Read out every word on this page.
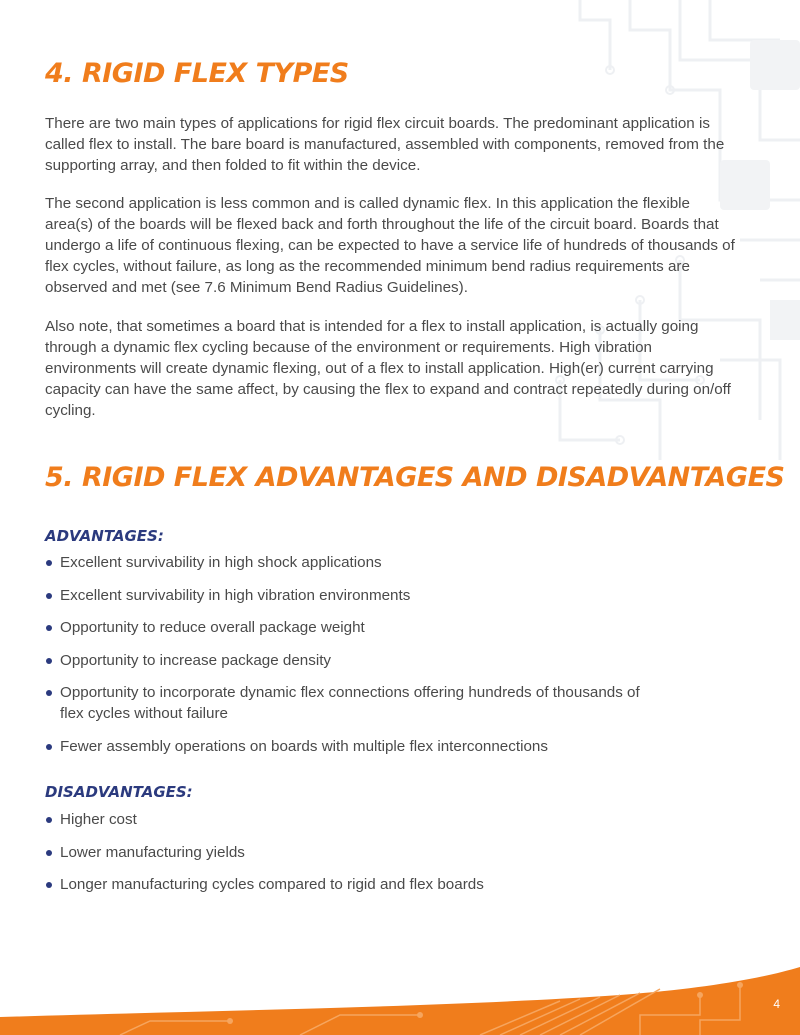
4. RIGID FLEX TYPES

There are two main types of applications for rigid flex circuit boards. The predominant application is called flex to install. The bare board is manufactured, assembled with components, removed from the supporting array, and then folded to fit within the device.

The second application is less common and is called dynamic flex. In this application the flexible area(s) of the boards will be flexed back and forth throughout the life of the circuit board. Boards that undergo a life of continuous flexing, can be expected to have a service life of hundreds of thousands of flex cycles, without failure, as long as the recommended minimum bend radius requirements are observed and met (see 7.6 Minimum Bend Radius Guidelines).

Also note, that sometimes a board that is intended for a flex to install application, is actually going through a dynamic flex cycling because of the environment or requirements. High vibration environments will create dynamic flexing, out of a flex to install application. High(er) current carrying capacity can have the same affect, by causing the flex to expand and contract repeatedly during on/off cycling.

5. RIGID FLEX ADVANTAGES AND DISADVANTAGES
ADVANTAGES:
Excellent survivability in high shock applications
Excellent survivability in high vibration environments
Opportunity to reduce overall package weight
Opportunity to increase package density
Opportunity to incorporate dynamic flex connections offering hundreds of thousands of flex cycles without failure
Fewer assembly operations on boards with multiple flex interconnections
DISADVANTAGES:
Higher cost
Lower manufacturing yields
Longer manufacturing cycles compared to rigid and flex boards
4
